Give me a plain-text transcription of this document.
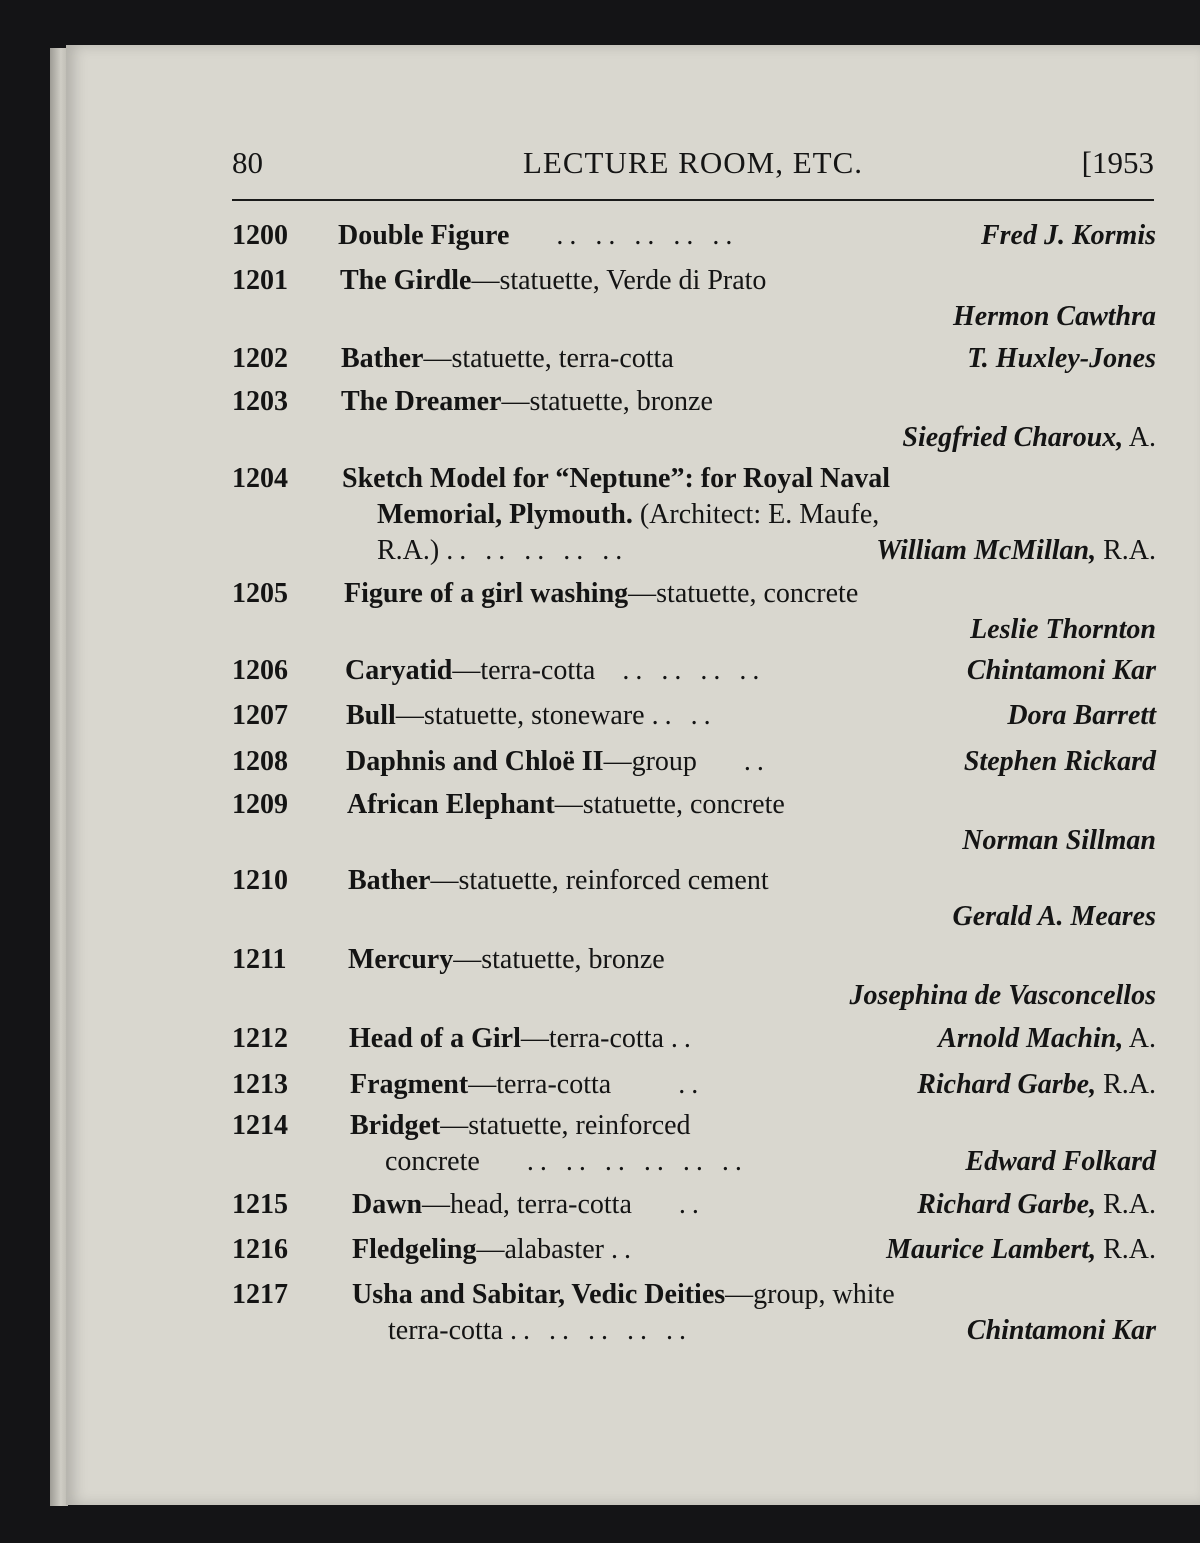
80	LECTURE ROOM, ETC.	[1953
1200 Double Figure .. .. .. .. ..	Fred J. Kormis
1201 The Girdle—statuette, Verde di Prato
Hermon Cawthra
1202 Bather—statuette, terra-cotta	T. Huxley-Jones
1203 The Dreamer—statuette, bronze
Siegfried Charoux, A.
1204 Sketch Model for “Neptune”: for Royal Naval
Memorial, Plymouth. (Architect: E. Maufe,
R.A.) .. .. .. .. ..	William McMillan, R.A.
1205 Figure of a girl washing—statuette, concrete
Leslie Thornton
1206 Caryatid—terra-cotta .. .. .. ..	Chintamoni Kar
1207 Bull—statuette, stoneware .. ..	Dora Barrett
1208 Daphnis and Chloë II—group ..	Stephen Rickard
1209 African Elephant—statuette, concrete
Norman Sillman
1210 Bather—statuette, reinforced cement
Gerald A. Meares
1211 Mercury—statuette, bronze
Josephina de Vasconcellos
1212 Head of a Girl—terra-cotta ..	Arnold Machin, A.
1213 Fragment—terra-cotta ..	Richard Garbe, R.A.
1214 Bridget—statuette, reinforced
concrete .. .. .. .. .. ..	Edward Folkard
1215 Dawn—head, terra-cotta ..	Richard Garbe, R.A.
1216 Fledgeling—alabaster ..	Maurice Lambert, R.A.
1217 Usha and Sabitar, Vedic Deities—group, white
terra-cotta .. .. .. .. ..	Chintamoni Kar
